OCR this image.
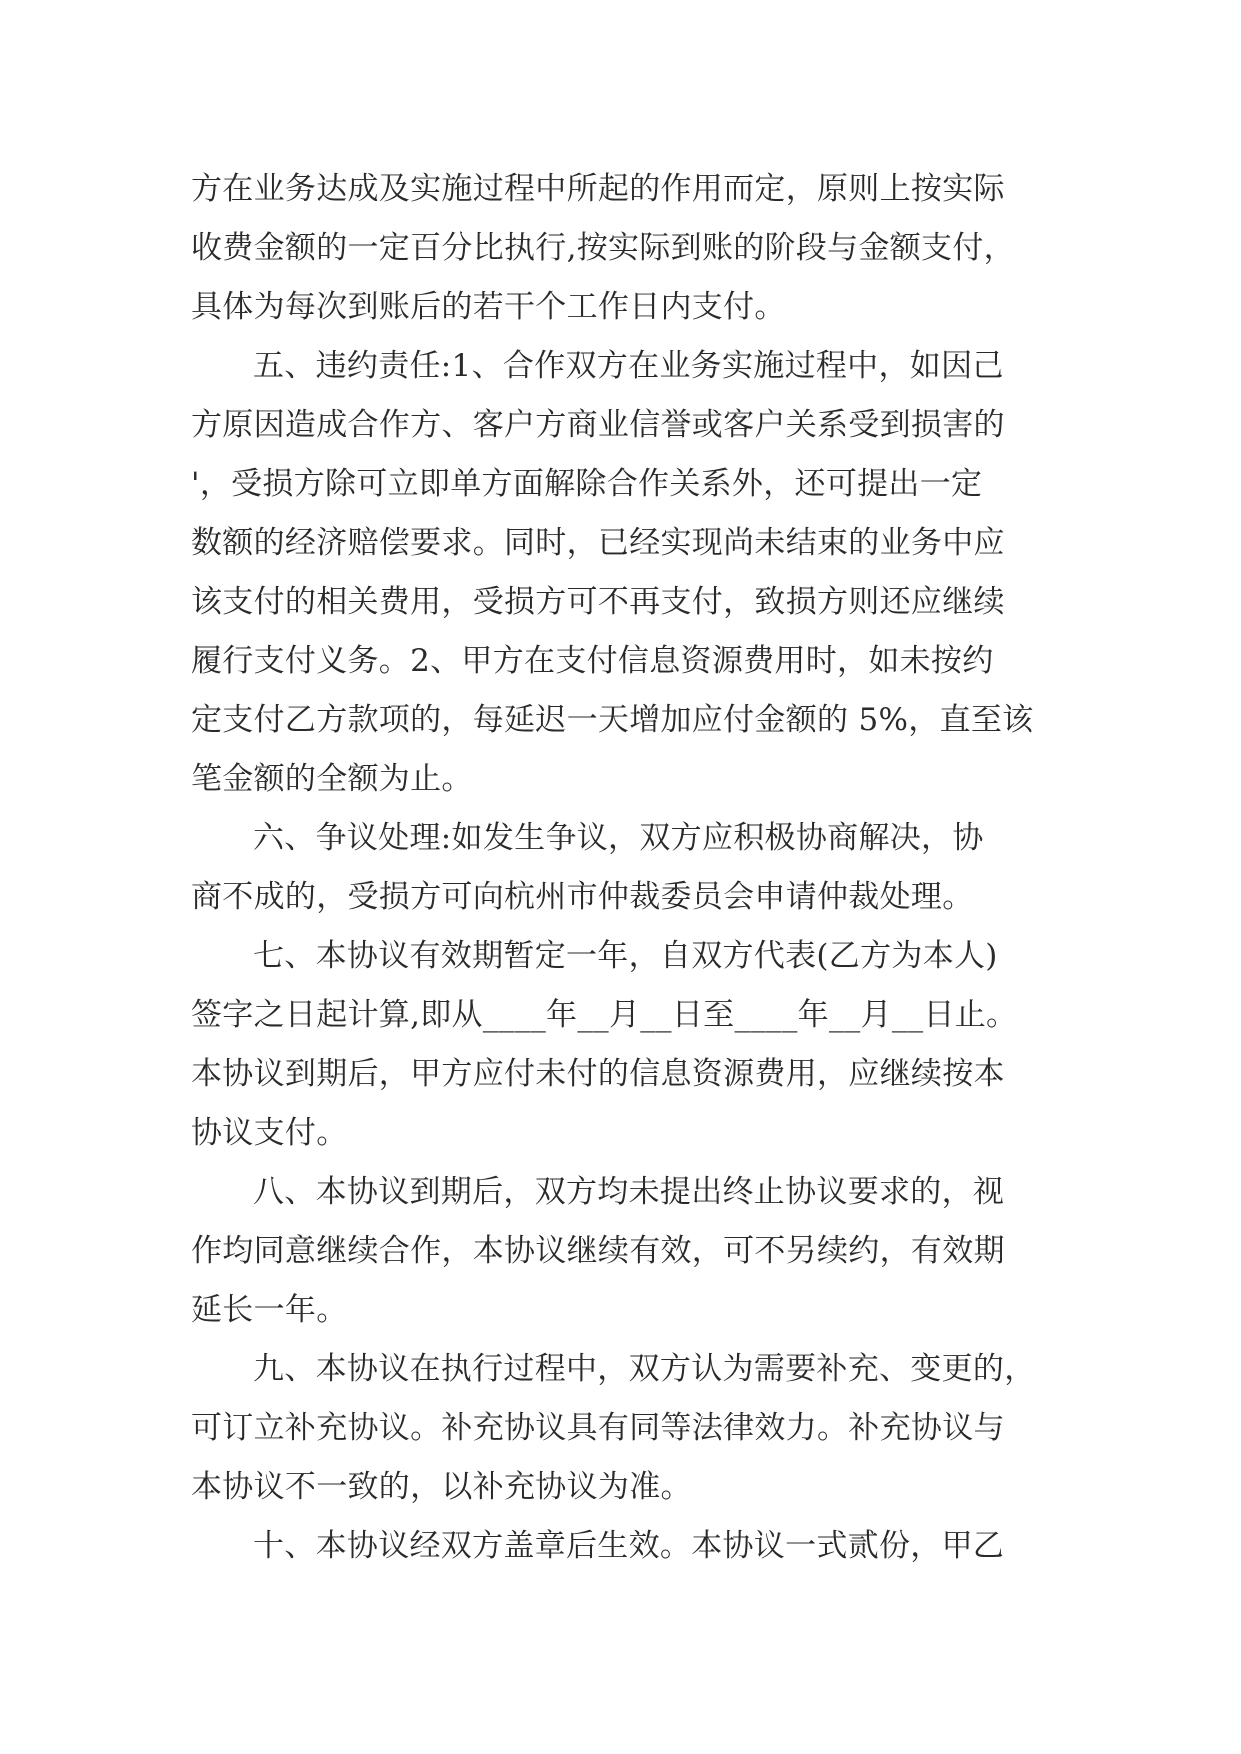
方在业务达成及实施过程中所起的作用而定，原则上按实际
收费金额的一定百分比执行,按实际到账的阶段与金额支付，
具体为每次到账后的若干个工作日内支付。
五、违约责任:1、合作双方在业务实施过程中，如因己
方原因造成合作方、客户方商业信誉或客户关系受到损害的
'，受损方除可立即单方面解除合作关系外，还可提出一定
数额的经济赔偿要求。同时，已经实现尚未结束的业务中应
该支付的相关费用，受损方可不再支付，致损方则还应继续
履行支付义务。2、甲方在支付信息资源费用时，如未按约
定支付乙方款项的，每延迟一天增加应付金额的 5%，直至该
笔金额的全额为止。
六、争议处理:如发生争议，双方应积极协商解决，协
商不成的，受损方可向杭州市仲裁委员会申请仲裁处理。
七、本协议有效期暂定一年，自双方代表(乙方为本人)
签字之日起计算,即从____年__月__日至____年__月__日止。
本协议到期后，甲方应付未付的信息资源费用，应继续按本
协议支付。
八、本协议到期后，双方均未提出终止协议要求的，视
作均同意继续合作，本协议继续有效，可不另续约，有效期
延长一年。
九、本协议在执行过程中，双方认为需要补充、变更的，
可订立补充协议。补充协议具有同等法律效力。补充协议与
本协议不一致的，以补充协议为准。
十、本协议经双方盖章后生效。本协议一式贰份，甲乙
